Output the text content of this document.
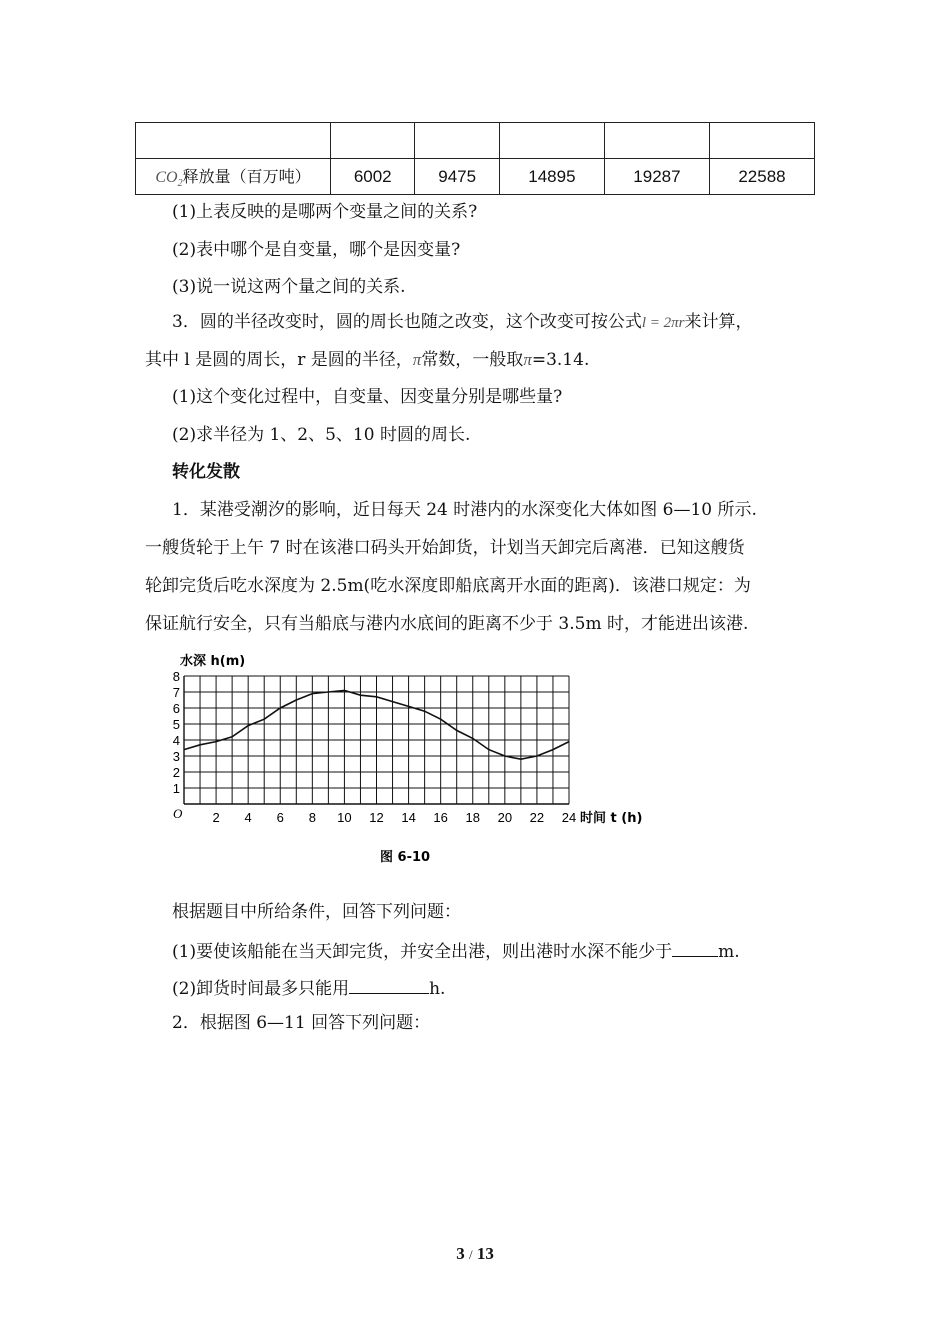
$CO_2$释放量（百万吨）	6002	9475	14895	19287	22588
(1)上表反映的是哪两个变量之间的关系?
(2)表中哪个是自变量，哪个是因变量?
(3)说一说这两个量之间的关系.
3．圆的半径改变时，圆的周长也随之改变，这个改变可按公式l = 2πr来计算，
其中 l 是圆的周长，r 是圆的半径，π常数，一般取π=3.14.
(1)这个变化过程中，自变量、因变量分别是哪些量?
(2)求半径为 1、2、5、10 时圆的周长.
转化发散
1．某港受潮汐的影响，近日每天 24 时港内的水深变化大体如图 6—10 所示.
一艘货轮于上午 7 时在该港口码头开始卸货，计划当天卸完后离港．已知这艘货
轮卸完货后吃水深度为 2.5m(吃水深度即船底离开水面的距离)．该港口规定：为
保证航行安全，只有当船底与港内水底间的距离不少于 3.5m 时，才能进出该港.
水深 h(m)
时间 t (h)
O
图 6-10
2 4 6 8 10 12 14 16 18 20 22 24
1
2
3
4
5
6
7
8
根据题目中所给条件，回答下列问题：
(1)要使该船能在当天卸完货，并安全出港，则出港时水深不能少于	m.
(2)卸货时间最多只能用	h.
2．根据图 6—11 回答下列问题：
3 / 13
